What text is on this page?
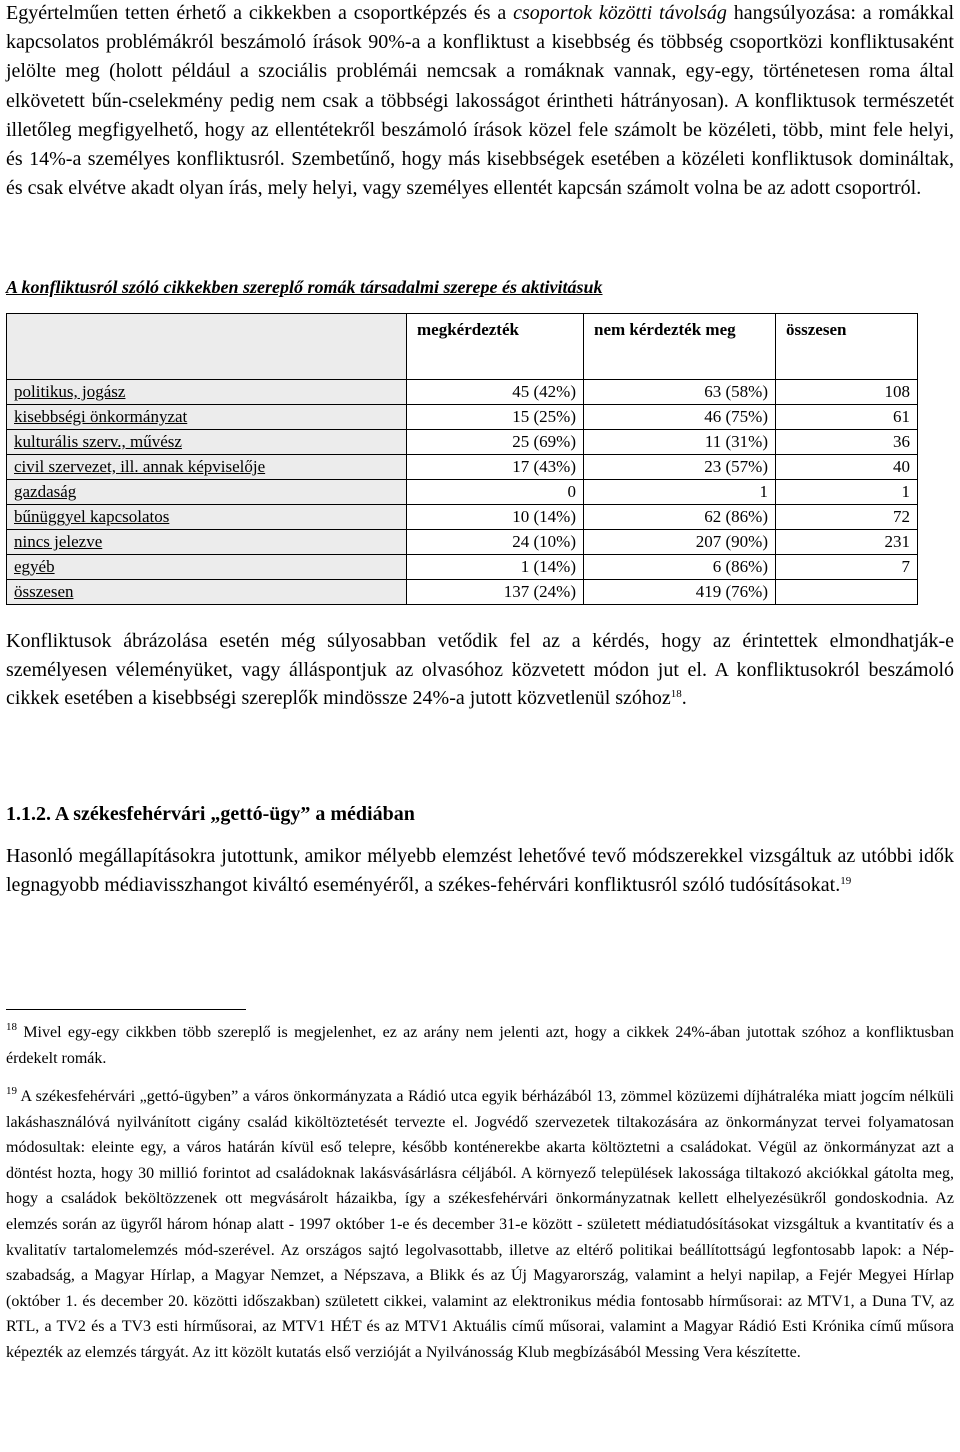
Egyértelműen tetten érhető a cikkekben a csoportképzés és a csoportok közötti távolság hangsúlyozása: a romákkal kapcsolatos problémákról beszámoló írások 90%-a a konfliktust a kisebbség és többség csoportközi konfliktusaként jelölte meg (holott például a szociális problémái nemcsak a romáknak vannak, egy-egy, történetesen roma által elkövetett bűn-cselekmény pedig nem csak a többségi lakosságot érintheti hátrányosan). A konfliktusok természetét illetőleg megfigyelhető, hogy az ellentétekről beszámoló írások közel fele számolt be közéleti, több, mint fele helyi, és 14%-a személyes konfliktusról. Szembetűnő, hogy más kisebbségek esetében a közéleti konfliktusok domináltak, és csak elvétve akadt olyan írás, mely helyi, vagy személyes ellentét kapcsán számolt volna be az adott csoportról.

A konfliktusról szóló cikkekben szereplő romák társadalmi szerepe és aktivitásuk

	megkérdezték	nem kérdezték meg	összesen
politikus, jogász	45 (42%)	63 (58%)	108
kisebbségi önkormányzat	15 (25%)	46 (75%)	61
kulturális szerv., művész	25 (69%)	11 (31%)	36
civil szervezet, ill. annak képviselője	17 (43%)	23 (57%)	40
gazdaság	0	1	1
bűnüggyel kapcsolatos	10 (14%)	62 (86%)	72
nincs jelezve	24 (10%)	207 (90%)	231
egyéb	1 (14%)	6 (86%)	7
összesen	137 (24%)	419 (76%)	

Konfliktusok ábrázolása esetén még súlyosabban vetődik fel az a kérdés, hogy az érintettek elmondhatják-e személyesen véleményüket, vagy álláspontjuk az olvasóhoz közvetett módon jut el. A konfliktusokról beszámoló cikkek esetében a kisebbségi szereplők mindössze 24%-a jutott közvetlenül szóhoz$^{18}$.

1.1.2. A székesfehérvári „gettó-ügy” a médiában

Hasonló megállapításokra jutottunk, amikor mélyebb elemzést lehetővé tevő módszerekkel vizsgáltuk az utóbbi idők legnagyobb médiavisszhangot kiváltó eseményéről, a székes-fehérvári konfliktusról szóló tudósításokat.$^{19}$

$^{18}$ Mivel egy-egy cikkben több szereplő is megjelenhet, ez az arány nem jelenti azt, hogy a cikkek 24%-ában jutottak szóhoz a konfliktusban érdekelt romák.

$^{19}$ A székesfehérvári „gettó-ügyben” a város önkormányzata a Rádió utca egyik bérházából 13, zömmel közüzemi díjhátraléka miatt jogcím nélküli lakáshasználóvá nyilvánított cigány család kiköltöztetését tervezte el. Jogvédő szervezetek tiltakozására az önkormányzat tervei folyamatosan módosultak: eleinte egy, a város határán kívül eső telepre, később konténerekbe akarta költöztetni a családokat. Végül az önkormányzat azt a döntést hozta, hogy 30 millió forintot ad családoknak lakásvásárlásra céljából. A környező települések lakossága tiltakozó akciókkal gátolta meg, hogy a családok beköltözzenek ott megvásárolt házaikba, így a székesfehérvári önkormányzatnak kellett elhelyezésükről gondoskodnia. Az elemzés során az ügyről három hónap alatt - 1997 október 1-e és december 31-e között - született médiatudósításokat vizsgáltuk a kvantitatív és a kvalitatív tartalomelemzés mód-szerével. Az országos sajtó legolvasottabb, illetve az eltérő politikai beállítottságú legfontosabb lapok: a Nép-szabadság, a Magyar Hírlap, a Magyar Nemzet, a Népszava, a Blikk és az Új Magyarország, valamint a helyi napilap, a Fejér Megyei Hírlap (október 1. és december 20. közötti időszakban) született cikkei, valamint az elektronikus média fontosabb hírműsorai: az MTV1, a Duna TV, az RTL, a TV2 és a TV3 esti hírműsorai, az MTV1 HÉT és az MTV1 Aktuális című műsorai, valamint a Magyar Rádió Esti Krónika című műsora képezték az elemzés tárgyát. Az itt közölt kutatás első verzióját a Nyilvánosság Klub megbízásából Messing Vera készítette.
